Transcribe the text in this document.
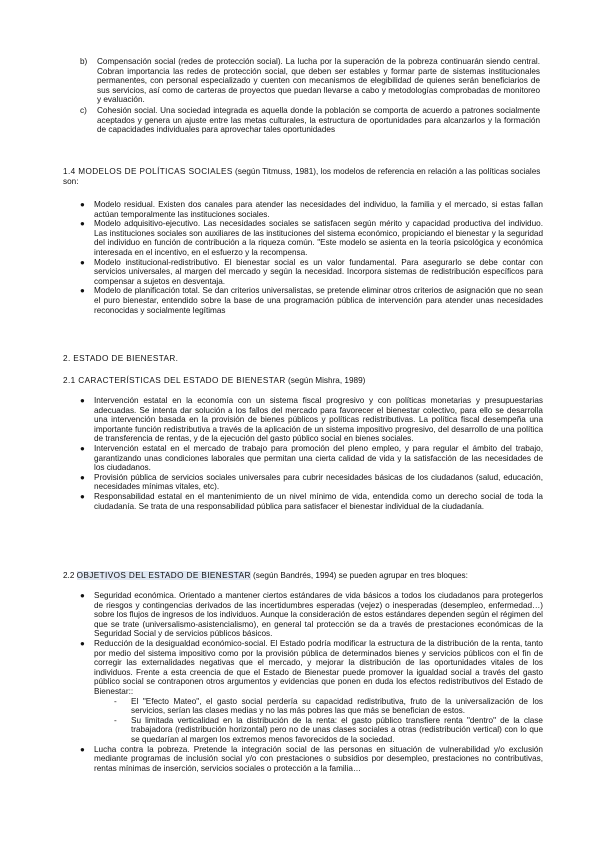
b) Compensación social (redes de protección social). La lucha por la superación de la pobreza continuarán siendo central. Cobran importancia las redes de protección social, que deben ser estables y formar parte de sistemas institucionales permanentes, con personal especializado y cuenten con mecanismos de elegibilidad de quienes serán beneficiarios de sus servicios, así como de carteras de proyectos que puedan llevarse a cabo y metodologías comprobadas de monitoreo y evaluación.
c) Cohesión social. Una sociedad integrada es aquella donde la población se comporta de acuerdo a patrones socialmente aceptados y genera un ajuste entre las metas culturales, la estructura de oportunidades para alcanzarlos y la formación de capacidades individuales para aprovechar tales oportunidades

1.4 MODELOS DE POLÍTICAS SOCIALES (según Titmuss, 1981), los modelos de referencia en relación a las políticas sociales son:

● Modelo residual. Existen dos canales para atender las necesidades del individuo, la familia y el mercado, si estas fallan actúan temporalmente las instituciones sociales.
● Modelo adquisitivo-ejecutivo. Las necesidades sociales se satisfacen según mérito y capacidad productiva del individuo. Las instituciones sociales son auxiliares de las instituciones del sistema económico, propiciando el bienestar y la seguridad del individuo en función de contribución a la riqueza común. "Este modelo se asienta en la teoría psicológica y económica interesada en el incentivo, en el esfuerzo y la recompensa.
● Modelo institucional-redistributivo. El bienestar social es un valor fundamental. Para asegurarlo se debe contar con servicios universales, al margen del mercado y según la necesidad. Incorpora sistemas de redistribución específicos para compensar a sujetos en desventaja.
● Modelo de planificación total. Se dan criterios universalistas, se pretende eliminar otros criterios de asignación que no sean el puro bienestar, entendido sobre la base de una programación pública de intervención para atender unas necesidades reconocidas y socialmente legítimas

2. ESTADO DE BIENESTAR.

2.1 CARACTERÍSTICAS DEL ESTADO DE BIENESTAR (según Mishra, 1989)

● Intervención estatal en la economía con un sistema fiscal progresivo y con políticas monetarias y presupuestarias adecuadas. Se intenta dar solución a los fallos del mercado para favorecer el bienestar colectivo, para ello se desarrolla una intervención basada en la provisión de bienes públicos y políticas redistributivas. La política fiscal desempeña una importante función redistributiva a través de la aplicación de un sistema impositivo progresivo, del desarrollo de una política de transferencia de rentas, y de la ejecución del gasto público social en bienes sociales.
● Intervención estatal en el mercado de trabajo para promoción del pleno empleo, y para regular el ámbito del trabajo, garantizando unas condiciones laborales que permitan una cierta calidad de vida y la satisfacción de las necesidades de los ciudadanos.
● Provisión pública de servicios sociales universales para cubrir necesidades básicas de los ciudadanos (salud, educación, necesidades mínimas vitales, etc).
● Responsabilidad estatal en el mantenimiento de un nivel mínimo de vida, entendida como un derecho social de toda la ciudadanía. Se trata de una responsabilidad pública para satisfacer el bienestar individual de la ciudadanía.

2.2 OBJETIVOS DEL ESTADO DE BIENESTAR (según Bandrés, 1994) se pueden agrupar en tres bloques:

● Seguridad económica. Orientado a mantener ciertos estándares de vida básicos a todos los ciudadanos para protegerlos de riesgos y contingencias derivados de las incertidumbres esperadas (vejez) o inesperadas (desempleo, enfermedad…) sobre los flujos de ingresos de los individuos. Aunque la consideración de estos estándares dependen según el régimen del que se trate (universalismo-asistencialismo), en general tal protección se da a través de prestaciones económicas de la Seguridad Social y de servicios públicos básicos.
● Reducción de la desigualdad económico-social. El Estado podría modificar la estructura de la distribución de la renta, tanto por medio del sistema impositivo como por la provisión pública de determinados bienes y servicios públicos con el fin de corregir las externalidades negativas que el mercado, y mejorar la distribución de las oportunidades vitales de los individuos. Frente a esta creencia de que el Estado de Bienestar puede promover la igualdad social a través del gasto público social se contraponen otros argumentos y evidencias que ponen en duda los efectos redistributivos del Estado de Bienestar::
- El "Efecto Mateo", el gasto social perdería su capacidad redistributiva, fruto de la universalización de los servicios, serían las clases medias y no las más pobres las que más se benefician de estos.
- Su limitada verticalidad en la distribución de la renta: el gasto público transfiere renta "dentro" de la clase trabajadora (redistribución horizontal) pero no de unas clases sociales a otras (redistribución vertical) con lo que se quedarían al margen los extremos menos favorecidos de la sociedad.
● Lucha contra la pobreza. Pretende la integración social de las personas en situación de vulnerabilidad y/o exclusión mediante programas de inclusión social y/o con prestaciones o subsidios por desempleo, prestaciones no contributivas, rentas mínimas de inserción, servicios sociales o protección a la familia…
